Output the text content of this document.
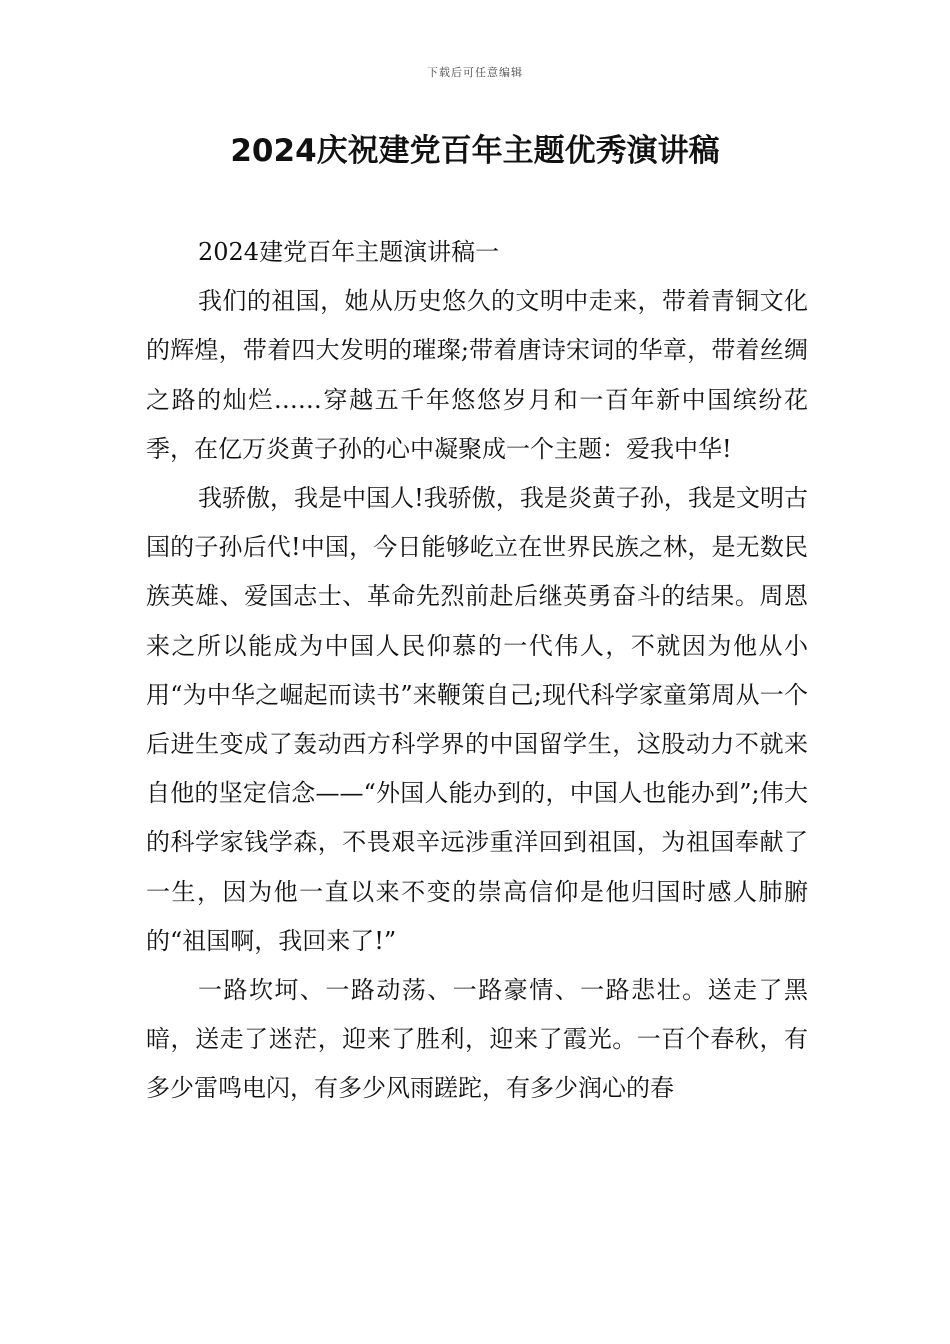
下载后可任意编辑
2024庆祝建党百年主题优秀演讲稿

2024建党百年主题演讲稿一

我们的祖国，她从历史悠久的文明中走来，带着青铜文化的辉煌，带着四大发明的璀璨;带着唐诗宋词的华章，带着丝绸之路的灿烂……穿越五千年悠悠岁月和一百年新中国缤纷花季，在亿万炎黄子孙的心中凝聚成一个主题：爱我中华!

我骄傲，我是中国人!我骄傲，我是炎黄子孙，我是文明古国的子孙后代!中国，今日能够屹立在世界民族之林，是无数民族英雄、爱国志士、革命先烈前赴后继英勇奋斗的结果。周恩来之所以能成为中国人民仰慕的一代伟人，不就因为他从小用“为中华之崛起而读书”来鞭策自己;现代科学家童第周从一个后进生变成了轰动西方科学界的中国留学生，这股动力不就来自他的坚定信念——“外国人能办到的，中国人也能办到”;伟大的科学家钱学森，不畏艰辛远涉重洋回到祖国，为祖国奉献了一生，因为他一直以来不变的崇高信仰是他归国时感人肺腑的“祖国啊，我回来了!”

一路坎坷、一路动荡、一路豪情、一路悲壮。送走了黑暗，送走了迷茫，迎来了胜利，迎来了霞光。一百个春秋，有多少雷鸣电闪，有多少风雨蹉跎，有多少润心的春
